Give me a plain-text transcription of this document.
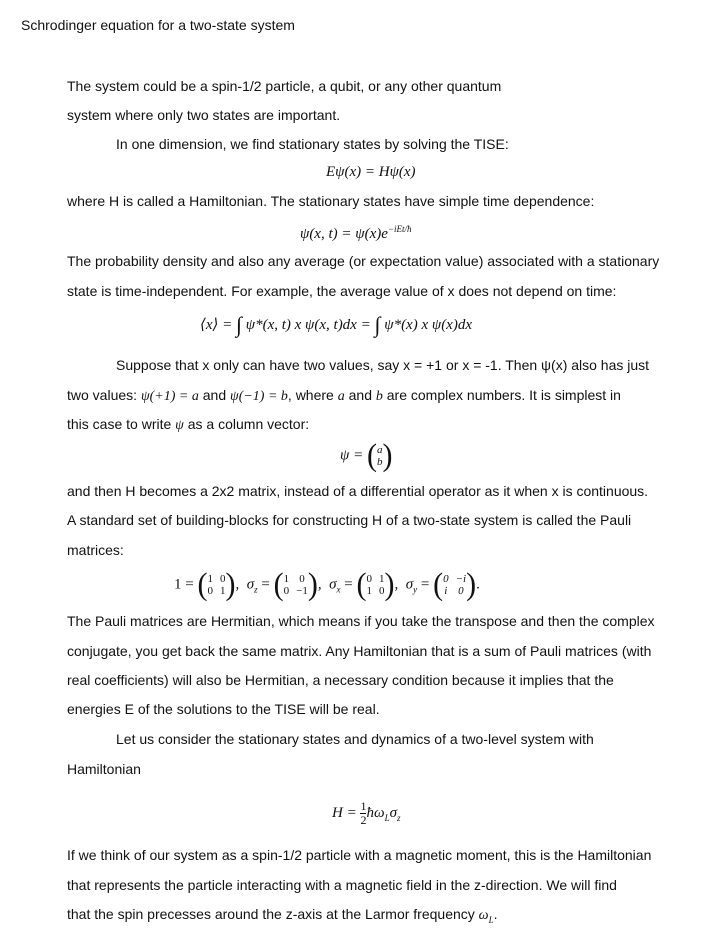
Schrodinger equation for a two-state system
The system could be a spin-1/2 particle, a qubit, or any other quantum
system where only two states are important.
In one dimension, we find stationary states by solving the TISE:
Eψ(x) = Hψ(x)
where H is called a Hamiltonian. The stationary states have simple time dependence:
ψ(x, $t) = \psi(x)e^{-iEt/ħ}$
The probability density and also any average (or expectation value) associated with a stationary
state is time-independent. For example, the average value of x does not depend on time:
⟨x⟩ = ∫ ψ*(x, t) x ψ(x, t)dx = ∫ ψ*(x) x ψ(x)dx
Suppose that x only can have two values, say x = +1 or x = -1. Then ψ(x) also has just
two values: ψ(+1) = a and ψ(−1) = b, where a and b are complex numbers. It is simplest in
this case to write ψ as a column vector:
ψ = ( a
b )
and then H becomes a 2x2 matrix, instead of a differential operator as it when x is continuous.
A standard set of building-blocks for constructing H of a two-state system is called the Pauli
matrices:
1 = ( 1 0
0 1 ), $\sigma_z$ = ( 1 0
0 −1 ), $\sigma_x$ = ( 0 1
1 0 ), $\sigma_y$ = ( 0 −i
i 0 ).
The Pauli matrices are Hermitian, which means if you take the transpose and then the complex
conjugate, you get back the same matrix. Any Hamiltonian that is a sum of Pauli matrices (with
real coefficients) will also be Hermitian, a necessary condition because it implies that the
energies E of the solutions to the TISE will be real.
Let us consider the stationary states and dynamics of a two-level system with
Hamiltonian
$H = \frac{1}{2}$ $ħ\omega_L\sigma_z$
If we think of our system as a spin-1/2 particle with a magnetic moment, this is the Hamiltonian
that represents the particle interacting with a magnetic field in the z-direction. We will find
that the spin precesses around the z-axis at the Larmor frequency $\omega_L$.
